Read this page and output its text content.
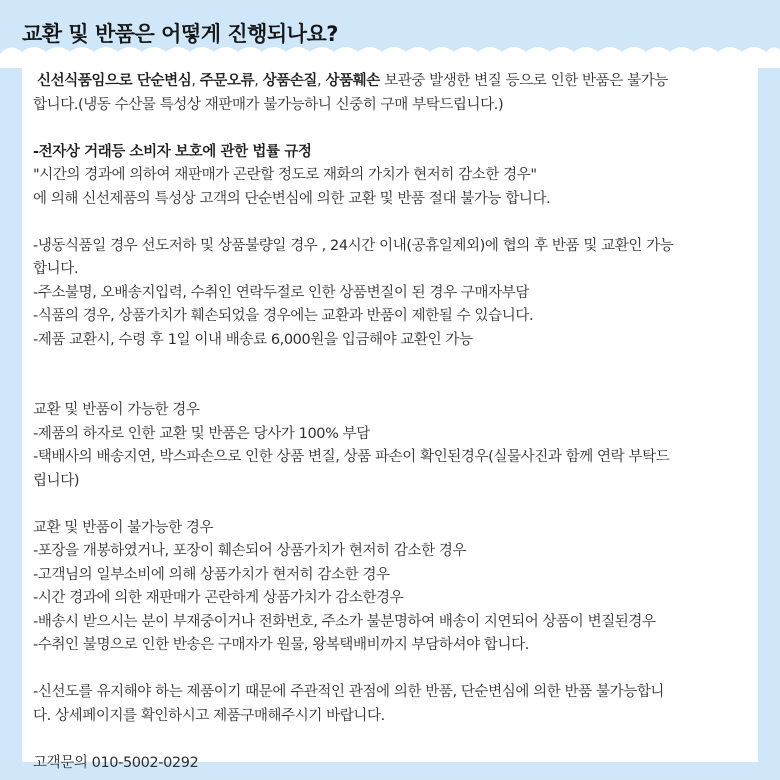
교환 및 반품은 어떻게 진행되나요?

신선식품임으로 단순변심, 주문오류, 상품손질, 상품훼손 보관중 발생한 변질 등으로 인한 반품은 불가능

합니다.(냉동 수산물 특성상 재판매가 불가능하니 신중히 구매 부탁드립니다.)

-전자상 거래등 소비자 보호에 관한 법률 규정

"시간의 경과에 의하여 재판매가 곤란할 정도로 재화의 가치가 현저히 감소한 경우"

에 의해 신선제품의 특성상 고객의 단순변심에 의한 교환 및 반품 절대 불가능 합니다.

-냉동식품일 경우 선도저하 및 상품불량일 경우 , 24시간 이내(공휴일제외)에 협의 후 반품 및 교환인 가능

합니다.

-주소불명, 오배송지입력, 수취인 연락두절로 인한 상품변질이 된 경우 구매자부담

-식품의 경우, 상품가치가 훼손되었을 경우에는 교환과 반품이 제한될 수 있습니다.

-제품 교환시, 수령 후 1일 이내 배송료 6,000원을 입금해야 교환인 가능

교환 및 반품이 가능한 경우

-제품의 하자로 인한 교환 및 반품은 당사가 100% 부담

-택배사의 배송지연, 박스파손으로 인한 상품 변질, 상품 파손이 확인된경우(실물사진과 함께 연락 부탁드

립니다)

교환 및 반품이 불가능한 경우

-포장을 개봉하였거나, 포장이 훼손되어 상품가치가 현저히 감소한 경우

-고객님의 일부소비에 의해 상품가치가 현저히 감소한 경우

-시간 경과에 의한 재판매가 곤란하게 상품가치가 감소한경우

-배송시 받으시는 분이 부재중이거나 전화번호, 주소가 불분명하여 배송이 지연되어 상품이 변질된경우

-수취인 불명으로 인한 반송은 구매자가 원물, 왕복택배비까지 부담하셔야 합니다.

-신선도를 유지해야 하는 제품이기 때문에 주관적인 관점에 의한 반품, 단순변심에 의한 반품 불가능합니

다. 상세페이지를 확인하시고 제품구매해주시기 바랍니다.

고객문의 010-5002-0292
